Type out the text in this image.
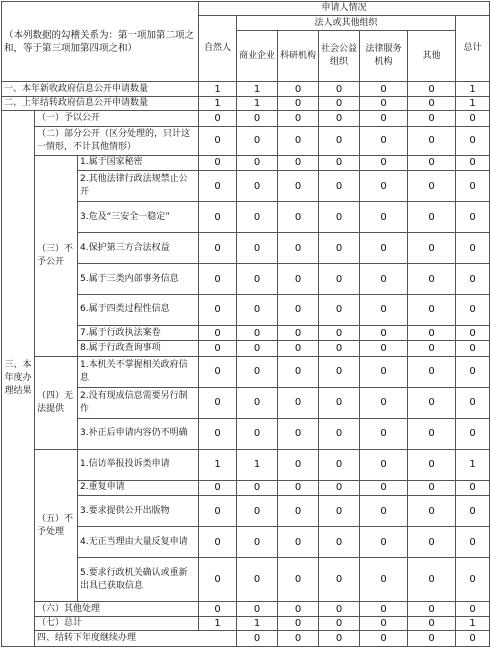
（本列数据的勾稽关系为：第一项加第二项之和，等于第三项加第四项之和）			申请人情况							
			自然人	法人或其他组织					总计	
				商业企业	科研机构	社会公益组织	法律服务机构	其他		
一、本年新收政府信息公开申请数量			1	1	0	0	0	0	1	
二、上年结转政府信息公开申请数量			1	1	0	0	0	0	1	
三、本年度办理结果	（一）予以公开		0	0	0	0	0	0	0	
	（二）部分公开（区分处理的，只计这一情形，不计其他情形）		0	0	0	0	0	0	0	
	（三）不予公开	1.属于国家秘密	0	0	0	0	0	0	0	
		2.其他法律行政法规禁止公开	0	0	0	0	0	0	0	
		3.危及“三安全一稳定”	0	0	0	0	0	0	0	
		4.保护第三方合法权益	0	0	0	0	0	0	0	
		5.属于三类内部事务信息	0	0	0	0	0	0	0	
		6.属于四类过程性信息	0	0	0	0	0	0	0	
		7.属于行政执法案卷	0	0	0	0	0	0	0	
		8.属于行政查询事项	0	0	0	0	0	0	0	
	（四）无法提供	1.本机关不掌握相关政府信息	0	0	0	0	0	0	0	
		2.没有现成信息需要另行制作	0	0	0	0	0	0	0	
		3.补正后申请内容仍不明确	0	0	0	0	0	0	0	
	（五）不予处理	1.信访举报投诉类申请	1	1	0	0	0	0	1	
		2.重复申请	0	0	0	0	0	0	0	
		3.要求提供公开出版物	0	0	0	0	0	0	0	
		4.无正当理由大量反复申请	0	0	0	0	0	0	0	
		5.要求行政机关确认或重新出具已获取信息	0	0	0	0	0	0	0	
	（六）其他处理		0	0	0	0	0	0	0	
	（七）总计		1	1	0	0	0	0	1	
	四、结转下年度继续办理			0	0	0	0	0	0	
